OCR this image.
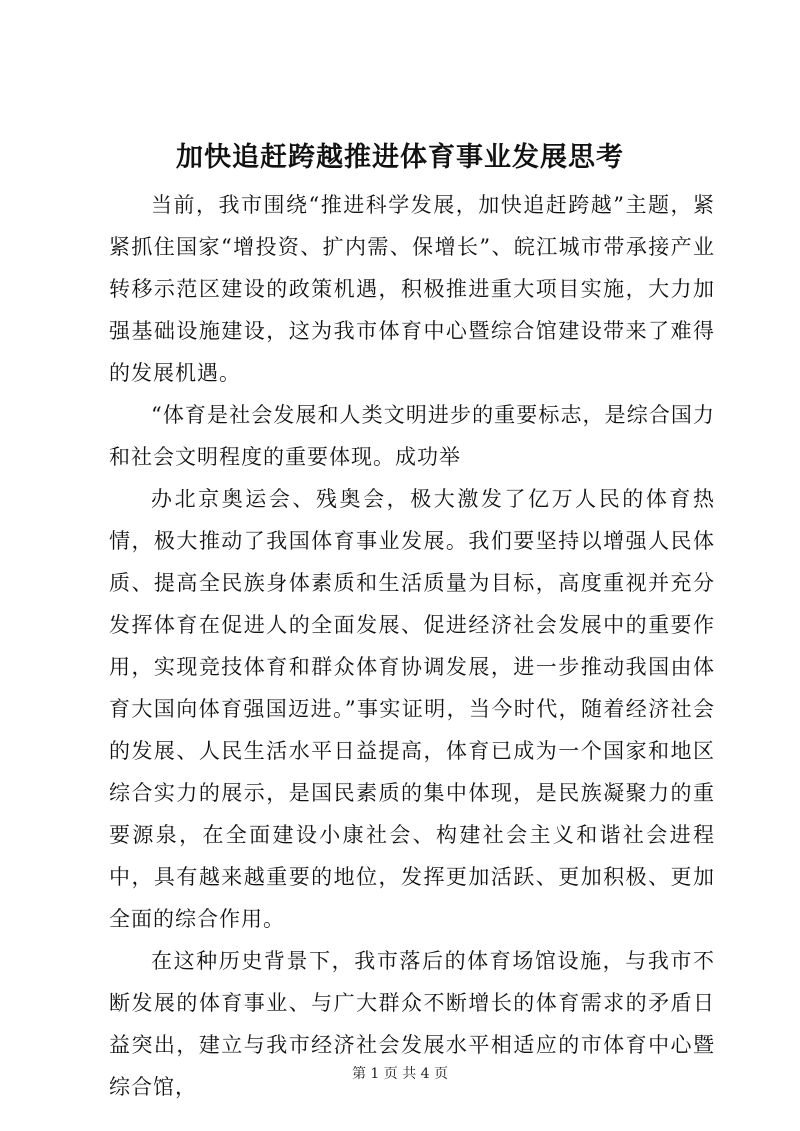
加快追赶跨越推进体育事业发展思考

当前，我市围绕“推进科学发展，加快追赶跨越”主题，紧紧抓住国家“增投资、扩内需、保增长”、皖江城市带承接产业转移示范区建设的政策机遇，积极推进重大项目实施，大力加强基础设施建设，这为我市体育中心暨综合馆建设带来了难得的发展机遇。

“体育是社会发展和人类文明进步的重要标志，是综合国力和社会文明程度的重要体现。成功举

办北京奥运会、残奥会，极大激发了亿万人民的体育热情，极大推动了我国体育事业发展。我们要坚持以增强人民体质、提高全民族身体素质和生活质量为目标，高度重视并充分发挥体育在促进人的全面发展、促进经济社会发展中的重要作用，实现竞技体育和群众体育协调发展，进一步推动我国由体育大国向体育强国迈进。”事实证明，当今时代，随着经济社会的发展、人民生活水平日益提高，体育已成为一个国家和地区综合实力的展示，是国民素质的集中体现，是民族凝聚力的重要源泉，在全面建设小康社会、构建社会主义和谐社会进程中，具有越来越重要的地位，发挥更加活跃、更加积极、更加全面的综合作用。

在这种历史背景下，我市落后的体育场馆设施，与我市不断发展的体育事业、与广大群众不断增长的体育需求的矛盾日益突出，建立与我市经济社会发展水平相适应的市体育中心暨综合馆，

第 1 页 共 4 页
